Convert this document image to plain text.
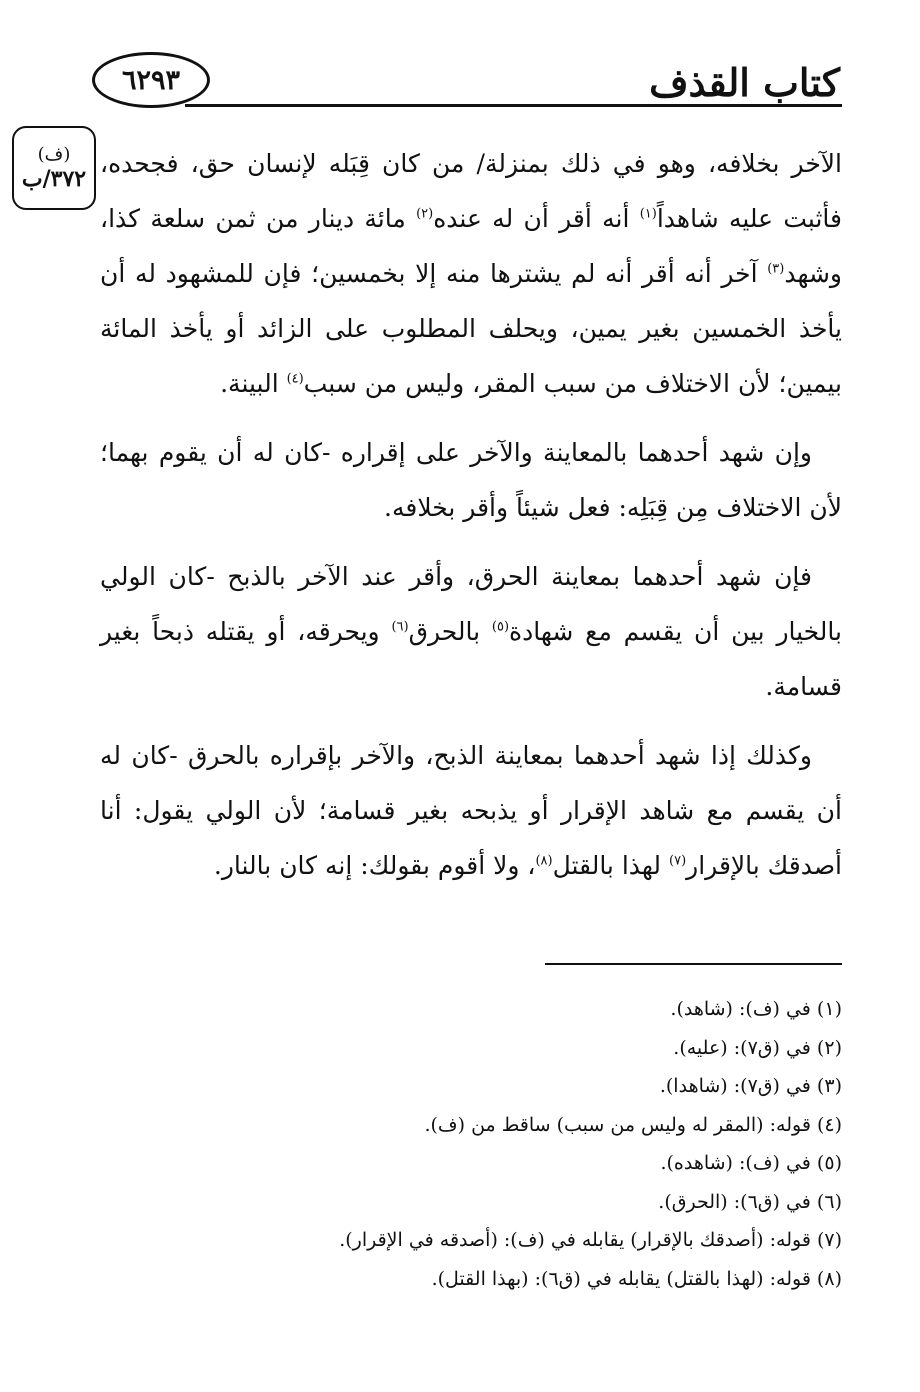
٦٢٩٣	كتاب القذف
(ف)
٣٧٢/ب

الآخر بخلافه، وهو في ذلك بمنزلة/ من كان قِبَله لإنسان حق، فجحده، فأثبت عليه شاهداً$^{(١)}$ أنه أقر أن له عنده$^{(٢)}$ مائة دينار من ثمن سلعة كذا، وشهد$^{(٣)}$ آخر أنه أقر أنه لم يشترها منه إلا بخمسين؛ فإن للمشهود له أن يأخذ الخمسين بغير يمين، ويحلف المطلوب على الزائد أو يأخذ المائة بيمين؛ لأن الاختلاف من سبب المقر، وليس من سبب$^{(٤)}$ البينة.

وإن شهد أحدهما بالمعاينة والآخر على إقراره -كان له أن يقوم بهما؛ لأن الاختلاف مِن قِبَلِه: فعل شيئاً وأقر بخلافه.

فإن شهد أحدهما بمعاينة الحرق، وأقر عند الآخر بالذبح -كان الولي بالخيار بين أن يقسم مع شهادة$^{(٥)}$ بالحرق$^{(٦)}$ ويحرقه، أو يقتله ذبحاً بغير قسامة.

وكذلك إذا شهد أحدهما بمعاينة الذبح، والآخر بإقراره بالحرق -كان له أن يقسم مع شاهد الإقرار أو يذبحه بغير قسامة؛ لأن الولي يقول: أنا أصدقك بالإقرار$^{(٧)}$ لهذا بالقتل$^{(٨)}$، ولا أقوم بقولك: إنه كان بالنار.

(١) في (ف): (شاهد).
(٢) في (ق٧): (عليه).
(٣) في (ق٧): (شاهدا).
(٤) قوله: (المقر له وليس من سبب) ساقط من (ف).
(٥) في (ف): (شاهده).
(٦) في (ق٦): (الحرق).
(٧) قوله: (أصدقك بالإقرار) يقابله في (ف): (أصدقه في الإقرار).
(٨) قوله: (لهذا بالقتل) يقابله في (ق٦): (بهذا القتل).
